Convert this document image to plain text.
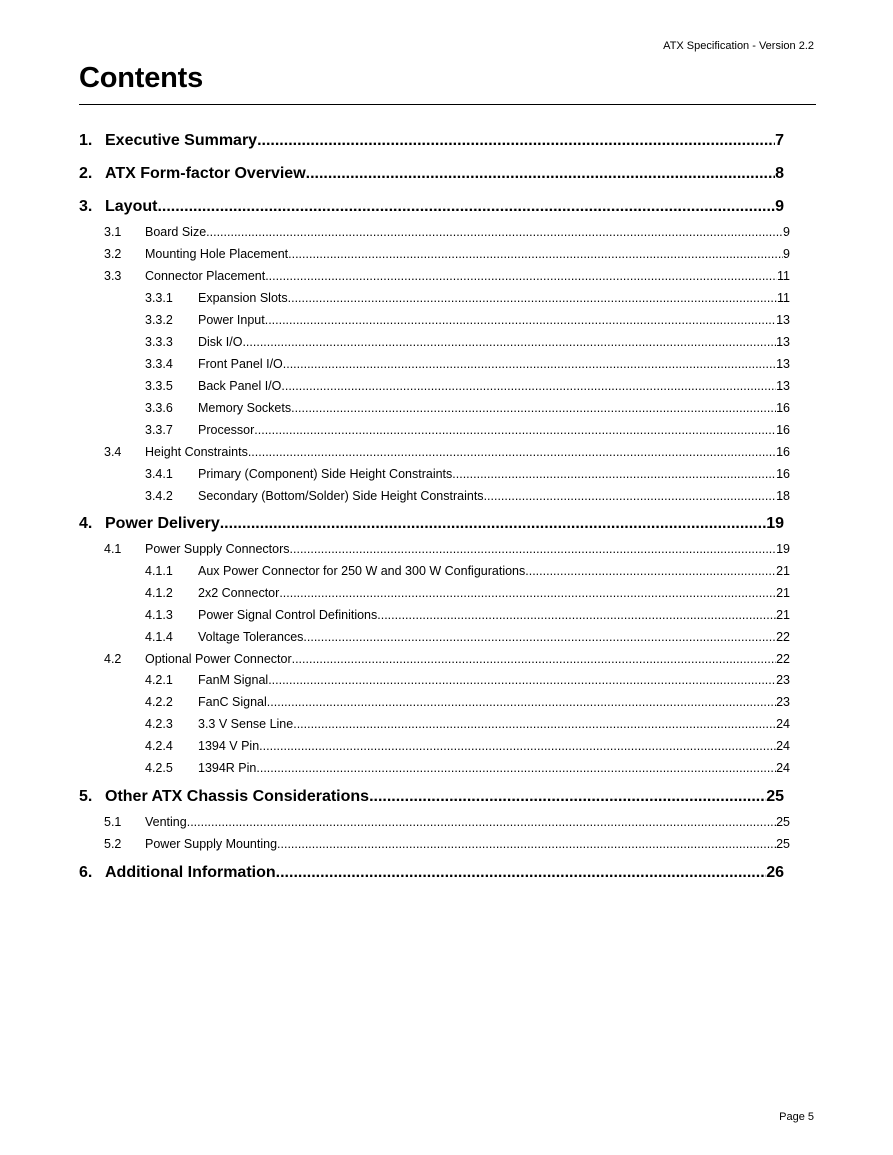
ATX Specification - Version 2.2
Contents
1. Executive Summary .....	7
2. ATX Form-factor Overview .....	8
3. Layout .....	9
3.1	Board Size .....	9
3.2	Mounting Hole Placement .....	9
3.3	Connector Placement .....	11
3.3.1	Expansion Slots .....	11
3.3.2	Power Input .....	13
3.3.3	Disk I/O .....	13
3.3.4	Front Panel I/O .....	13
3.3.5	Back Panel I/O .....	13
3.3.6	Memory Sockets .....	16
3.3.7	Processor .....	16
3.4	Height Constraints .....	16
3.4.1	Primary (Component) Side Height Constraints .....	16
3.4.2	Secondary (Bottom/Solder) Side Height Constraints .....	18
4. Power Delivery .....	19
4.1	Power Supply Connectors .....	19
4.1.1	Aux Power Connector for 250 W and 300 W Configurations .....	21
4.1.2	2x2 Connector .....	21
4.1.3	Power Signal Control Definitions .....	21
4.1.4	Voltage Tolerances .....	22
4.2	Optional Power Connector .....	22
4.2.1	FanM Signal .....	23
4.2.2	FanC Signal .....	23
4.2.3	3.3 V Sense Line .....	24
4.2.4	1394 V Pin .....	24
4.2.5	1394R Pin .....	24
5. Other ATX Chassis Considerations .....	25
5.1	Venting .....	25
5.2	Power Supply Mounting .....	25
6. Additional Information .....	26
Page 5
